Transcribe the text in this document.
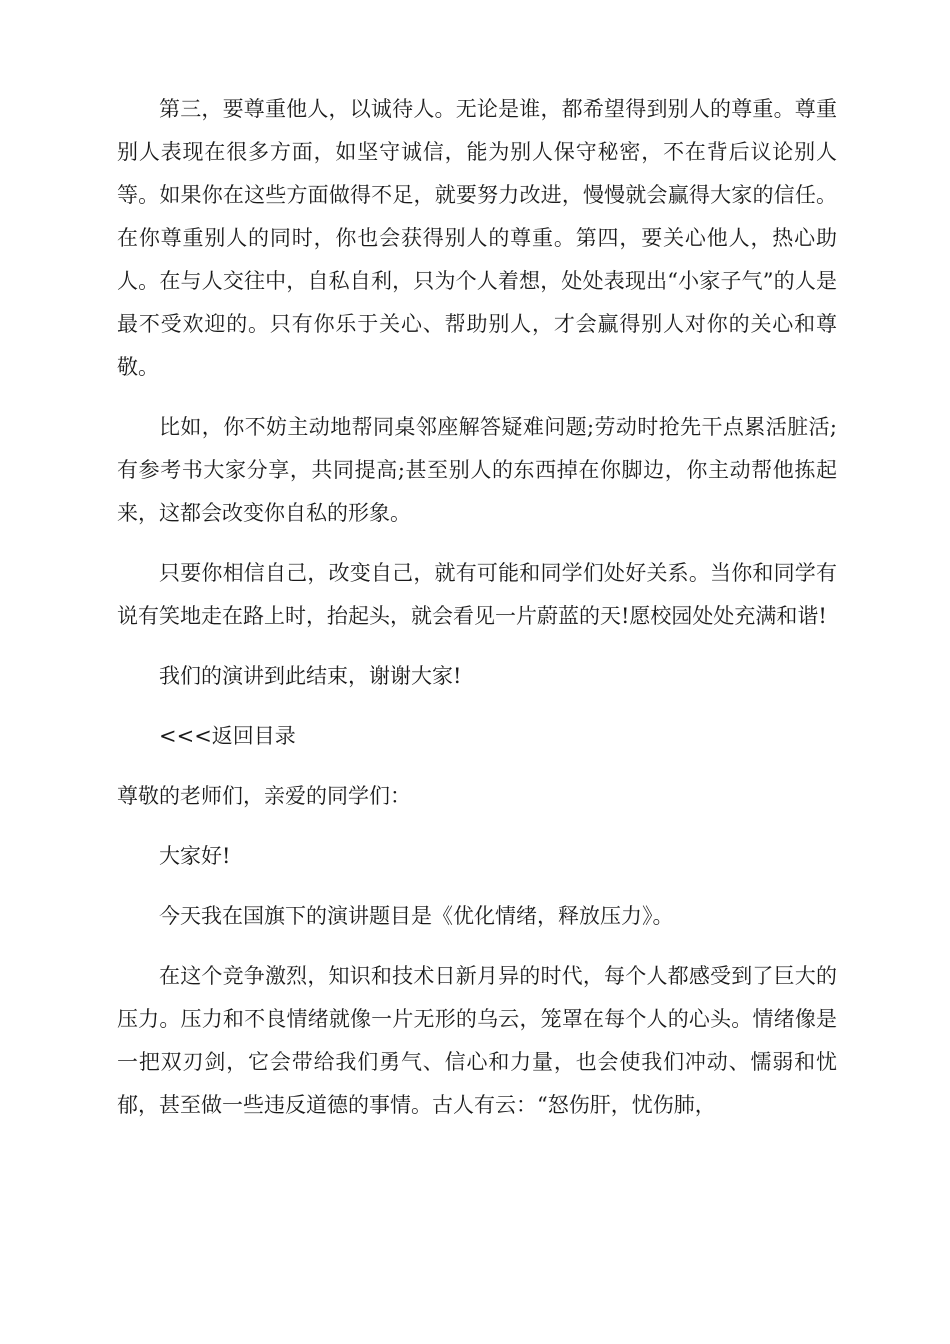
第三，要尊重他人，以诚待人。无论是谁，都希望得到别人的尊重。尊重别人表现在很多方面，如坚守诚信，能为别人保守秘密，不在背后议论别人等。如果你在这些方面做得不足，就要努力改进，慢慢就会赢得大家的信任。在你尊重别人的同时，你也会获得别人的尊重。第四，要关心他人，热心助人。在与人交往中，自私自利，只为个人着想，处处表现出“小家子气”的人是最不受欢迎的。只有你乐于关心、帮助别人，才会赢得别人对你的关心和尊敬。

比如，你不妨主动地帮同桌邻座解答疑难问题;劳动时抢先干点累活脏活;有参考书大家分享，共同提高;甚至别人的东西掉在你脚边，你主动帮他拣起来，这都会改变你自私的形象。

只要你相信自己，改变自己，就有可能和同学们处好关系。当你和同学有说有笑地走在路上时，抬起头，就会看见一片蔚蓝的天!愿校园处处充满和谐!

我们的演讲到此结束，谢谢大家!

<<<返回目录

尊敬的老师们，亲爱的同学们：

大家好!

今天我在国旗下的演讲题目是《优化情绪，释放压力》。

在这个竞争激烈，知识和技术日新月异的时代，每个人都感受到了巨大的压力。压力和不良情绪就像一片无形的乌云，笼罩在每个人的心头。情绪像是一把双刃剑，它会带给我们勇气、信心和力量，也会使我们冲动、懦弱和忧郁，甚至做一些违反道德的事情。古人有云：“怒伤肝，忧伤肺，
